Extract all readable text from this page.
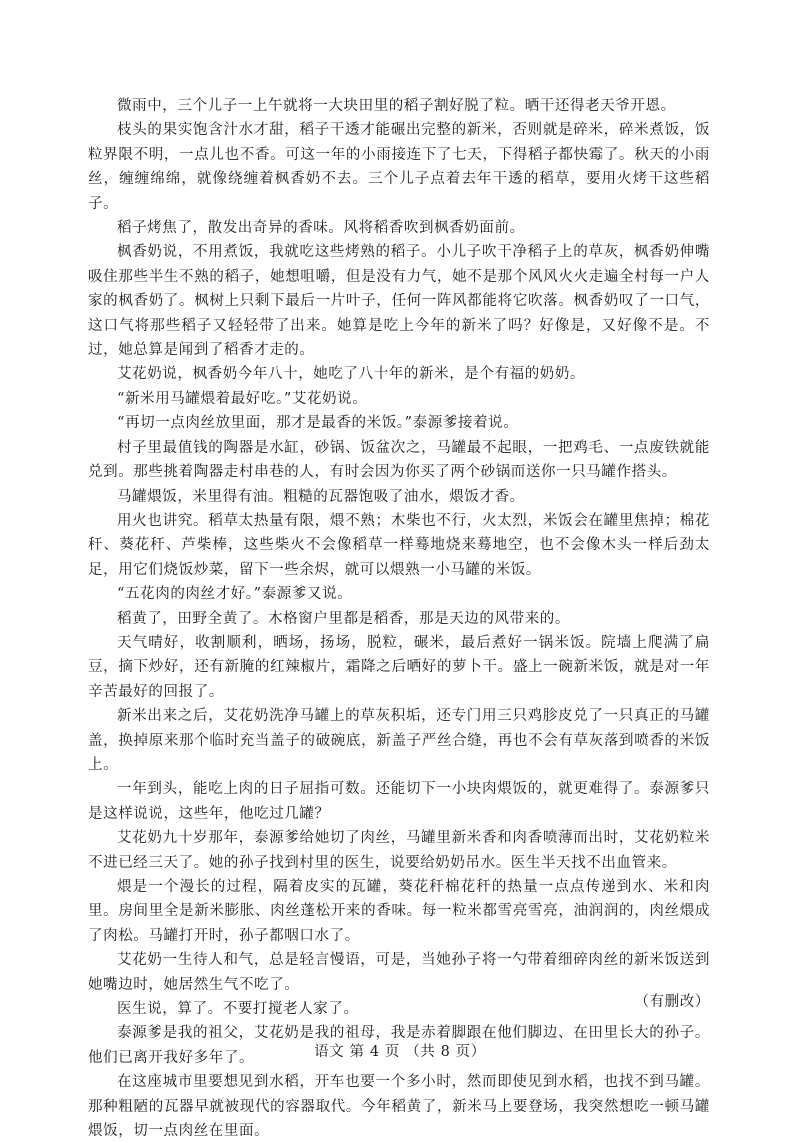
微雨中，三个儿子一上午就将一大块田里的稻子割好脱了粒。晒干还得老天爷开恩。

枝头的果实饱含汁水才甜，稻子干透才能碾出完整的新米，否则就是碎米，碎米煮饭，饭粒界限不明，一点儿也不香。可这一年的小雨接连下了七天，下得稻子都快霉了。秋天的小雨丝，缠缠绵绵，就像绕缠着枫香奶不去。三个儿子点着去年干透的稻草，要用火烤干这些稻子。

稻子烤焦了，散发出奇异的香味。风将稻香吹到枫香奶面前。

枫香奶说，不用煮饭，我就吃这些烤熟的稻子。小儿子吹干净稻子上的草灰，枫香奶伸嘴吸住那些半生不熟的稻子，她想咀嚼，但是没有力气，她不是那个风风火火走遍全村每一户人家的枫香奶了。枫树上只剩下最后一片叶子，任何一阵风都能将它吹落。枫香奶叹了一口气，这口气将那些稻子又轻轻带了出来。她算是吃上今年的新米了吗？好像是，又好像不是。不过，她总算是闻到了稻香才走的。

艾花奶说，枫香奶今年八十，她吃了八十年的新米，是个有福的奶奶。

“新米用马罐煨着最好吃。”艾花奶说。

“再切一点肉丝放里面，那才是最香的米饭。”泰源爹接着说。

村子里最值钱的陶器是水缸，砂锅、饭盆次之，马罐最不起眼，一把鸡毛、一点废铁就能兑到。那些挑着陶器走村串巷的人，有时会因为你买了两个砂锅而送你一只马罐作搭头。

马罐煨饭，米里得有油。粗糙的瓦器饱吸了油水，煨饭才香。

用火也讲究。稻草太热量有限，煨不熟；木柴也不行，火太烈，米饭会在罐里焦掉；棉花秆、葵花秆、芦柴棒，这些柴火不会像稻草一样蓦地烧来蓦地空，也不会像木头一样后劲太足，用它们烧饭炒菜，留下一些余烬，就可以煨熟一小马罐的米饭。

“五花肉的肉丝才好。”泰源爹又说。

稻黄了，田野全黄了。木格窗户里都是稻香，那是天边的风带来的。

天气晴好，收割顺利，晒场，扬场，脱粒，碾米，最后煮好一锅米饭。院墙上爬满了扁豆，摘下炒好，还有新腌的红辣椒片，霜降之后晒好的萝卜干。盛上一碗新米饭，就是对一年辛苦最好的回报了。

新米出来之后，艾花奶洗净马罐上的草灰积垢，还专门用三只鸡胗皮兑了一只真正的马罐盖，换掉原来那个临时充当盖子的破碗底，新盖子严丝合缝，再也不会有草灰落到喷香的米饭上。

一年到头，能吃上肉的日子屈指可数。还能切下一小块肉煨饭的，就更难得了。泰源爹只是这样说说，这些年，他吃过几罐？

艾花奶九十岁那年，泰源爹给她切了肉丝，马罐里新米香和肉香喷薄而出时，艾花奶粒米不进已经三天了。她的孙子找到村里的医生，说要给奶奶吊水。医生半天找不出血管来。

煨是一个漫长的过程，隔着皮实的瓦罐，葵花秆棉花秆的热量一点点传递到水、米和肉里。房间里全是新米膨胀、肉丝蓬松开来的香味。每一粒米都雪亮雪亮，油润润的，肉丝煨成了肉松。马罐打开时，孙子都咽口水了。

艾花奶一生待人和气，总是轻言慢语，可是，当她孙子将一勺带着细碎肉丝的新米饭送到她嘴边时，她居然生气不吃了。

医生说，算了。不要打搅老人家了。

泰源爹是我的祖父，艾花奶是我的祖母，我是赤着脚跟在他们脚边、在田里长大的孙子。他们已离开我好多年了。

在这座城市里要想见到水稻，开车也要一个多小时，然而即使见到水稻，也找不到马罐。那种粗陋的瓦器早就被现代的容器取代。今年稻黄了，新米马上要登场，我突然想吃一顿马罐煨饭，切一点肉丝在里面。

（有删改）
语文 第 4 页 （共 8 页）
